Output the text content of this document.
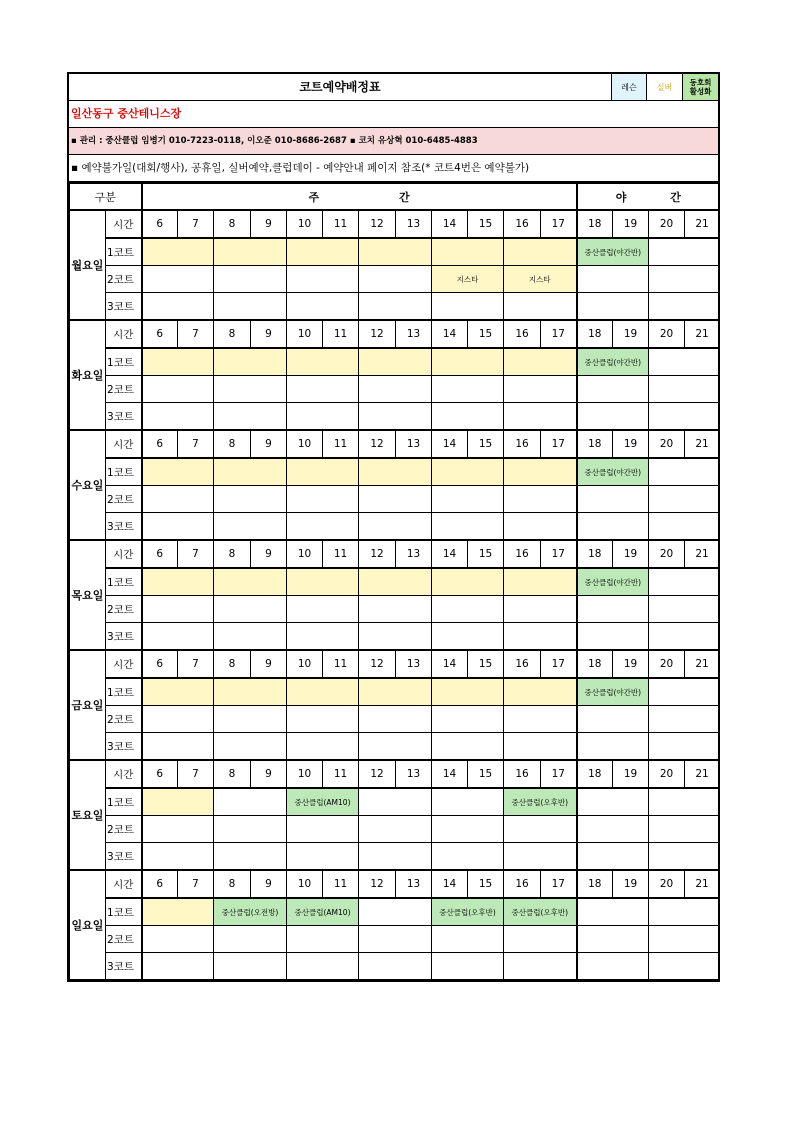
코트예약배정표	레슨	실버	동호회
활성화
일산동구 중산테니스장
▪ 관리 : 중산클럽 임병기 010-7223-0118, 이오준 010-8686-2687 ▪ 코치 유상혁 010-6485-4883
▪ 예약불가일(대회/행사), 공휴일, 실버예약,클럽데이 - 예약안내 페이지 참조(* 코트4번은 예약불가)
구분		주 간												야 간			
월요일	시간	6	7	8	9	10	11	12	13	14	15	16	17	18	19	20	21
	1코트													중산클럽(야간반)			
	2코트									지스타		지스타					
	3코트																
화요일	시간	6	7	8	9	10	11	12	13	14	15	16	17	18	19	20	21
	1코트													중산클럽(야간반)			
	2코트																
	3코트																
수요일	시간	6	7	8	9	10	11	12	13	14	15	16	17	18	19	20	21
	1코트													중산클럽(야간반)			
	2코트																
	3코트																
목요일	시간	6	7	8	9	10	11	12	13	14	15	16	17	18	19	20	21
	1코트													중산클럽(야간반)			
	2코트																
	3코트																
금요일	시간	6	7	8	9	10	11	12	13	14	15	16	17	18	19	20	21
	1코트													중산클럽(야간반)			
	2코트																
	3코트																
토요일	시간	6	7	8	9	10	11	12	13	14	15	16	17	18	19	20	21
	1코트					중산클럽(AM10)						중산클럽(오후반)					
	2코트																
	3코트																
일요일	시간	6	7	8	9	10	11	12	13	14	15	16	17	18	19	20	21
	1코트			중산클럽(오전방)		중산클럽(AM10)				중산클럽(오후반)		중산클럽(오후반)					
	2코트																
	3코트																
